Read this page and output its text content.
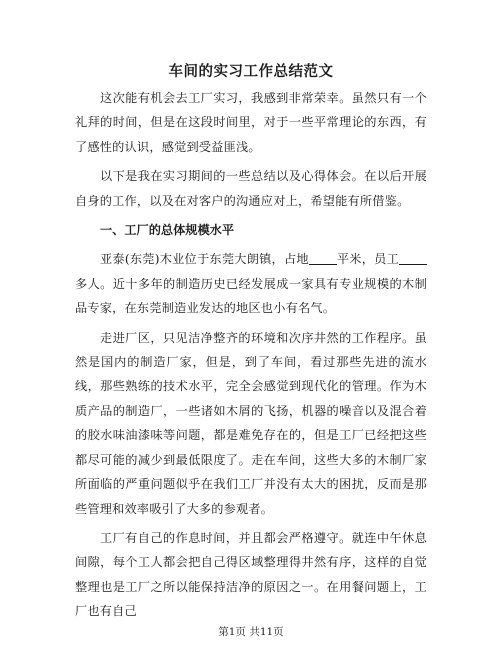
车间的实习工作总结范文

这次能有机会去工厂实习，我感到非常荣幸。虽然只有一个礼拜的时间，但是在这段时间里，对于一些平常理论的东西，有了感性的认识，感觉到受益匪浅。

以下是我在实习期间的一些总结以及心得体会。在以后开展自身的工作，以及在对客户的沟通应对上，希望能有所借鉴。

一、工厂的总体规模水平

亚泰(东莞)木业位于东莞大朗镇，占地 平米，员工多人。近十多年的制造历史已经发展成一家具有专业规模的木制品专家，在东莞制造业发达的地区也小有名气。

走进厂区，只见洁净整齐的环境和次序井然的工作程序。虽然是国内的制造厂家，但是，到了车间，看过那些先进的流水线，那些熟练的技术水平，完全会感觉到现代化的管理。作为木质产品的制造厂，一些诸如木屑的飞扬，机器的噪音以及混合着的胶水味油漆味等问题，都是难免存在的，但是工厂已经把这些都尽可能的减少到最低限度了。走在车间，这些大多的木制厂家所面临的严重问题似乎在我们工厂并没有太大的困扰，反而是那些管理和效率吸引了大多的参观者。

工厂有自己的作息时间，并且都会严格遵守。就连中午休息间隙，每个工人都会把自己得区域整理得井然有序，这样的自觉整理也是工厂之所以能保持洁净的原因之一。在用餐问题上，工厂也有自己

第1页 共11页
